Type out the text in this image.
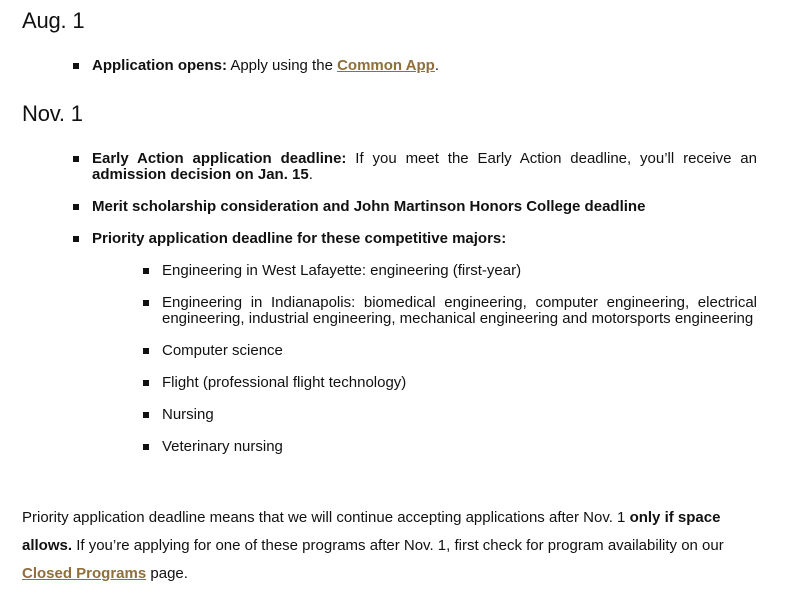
Aug. 1
Application opens: Apply using the Common App.
Nov. 1
Early Action application deadline: If you meet the Early Action deadline, you’ll receive an admission decision on Jan. 15.
Merit scholarship consideration and John Martinson Honors College deadline
Priority application deadline for these competitive majors:
Engineering in West Lafayette: engineering (first-year)
Engineering in Indianapolis: biomedical engineering, computer engineering, electrical engineering, industrial engineering, mechanical engineering and motorsports engineering
Computer science
Flight (professional flight technology)
Nursing
Veterinary nursing

Priority application deadline means that we will continue accepting applications after Nov. 1 only if space allows. If you’re applying for one of these programs after Nov. 1, first check for program availability on our Closed Programs page.
